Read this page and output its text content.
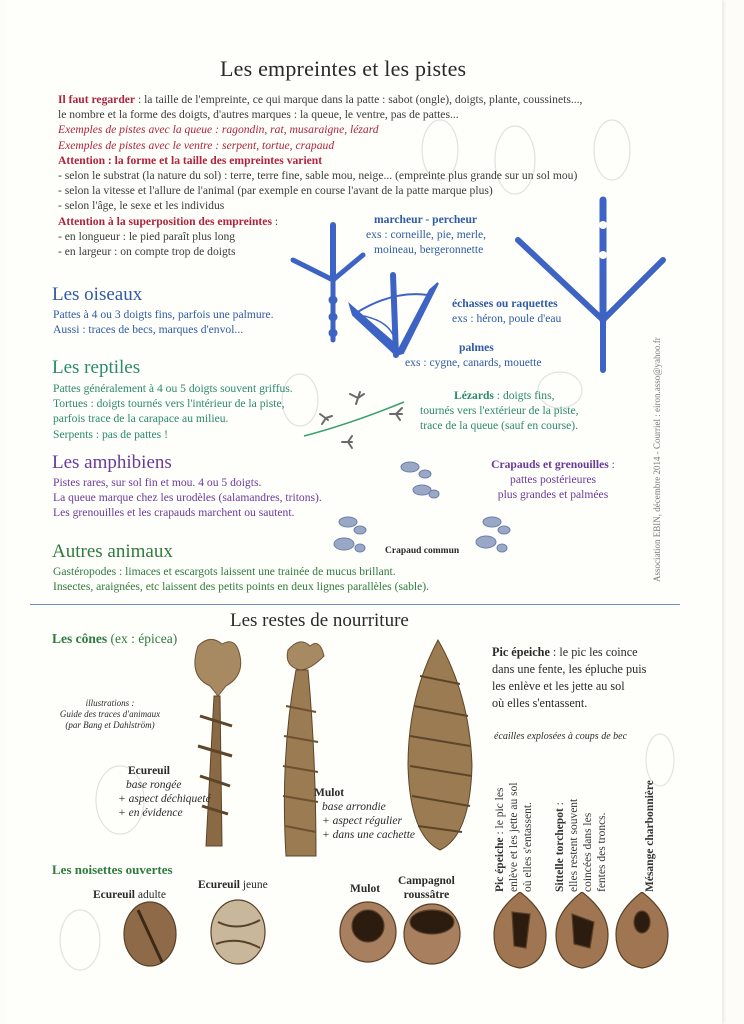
Les empreintes et les pistes
Il faut regarder : la taille de l'empreinte, ce qui marque dans la patte : sabot (ongle), doigts, plante, coussinets...,
le nombre et la forme des doigts, d'autres marques : la queue, le ventre, pas de pattes...
Exemples de pistes avec la queue : ragondin, rat, musaraigne, lézard
Exemples de pistes avec le ventre : serpent, tortue, crapaud
Attention : la forme et la taille des empreintes varient
- selon le substrat (la nature du sol) : terre, terre fine, sable mou, neige... (empreinte plus grande sur un sol mou)
- selon la vitesse et l'allure de l'animal (par exemple en course l'avant de la patte marque plus)
- selon l'âge, le sexe et les individus
Attention à la superposition des empreintes :
- en longueur : le pied paraît plus long
- en largeur : on compte trop de doigts
marcheur - percheur
exs : corneille, pie, merle,
moineau, bergeronnette
échasses ou raquettes
exs : héron, poule d'eau
palmes
exs : cygne, canards, mouette
Les oiseaux
Pattes à 4 ou 3 doigts fins, parfois une palmure.
Aussi : traces de becs, marques d'envol...
Les reptiles
Pattes généralement à 4 ou 5 doigts souvent griffus.
Tortues : doigts tournés vers l'intérieur de la piste,
parfois trace de la carapace au milieu.
Serpents : pas de pattes !
Lézards : doigts fins,
tournés vers l'extérieur de la piste,
trace de la queue (sauf en course).
Les amphibiens
Pistes rares, sur sol fin et mou. 4 ou 5 doigts.
La queue marque chez les urodèles (salamandres, tritons).
Les grenouilles et les crapauds marchent ou sautent.
Crapauds et grenouilles :
pattes postérieures
plus grandes et palmées
Crapaud commun
Autres animaux
Gastéropodes : limaces et escargots laissent une trainée de mucus brillant.
Insectes, araignées, etc laissent des petits points en deux lignes parallèles (sable).
Association EBIN, décembre 2014 - Courriel : eiron.asso@yahoo.fr
Les restes de nourriture
Les cônes (ex : épicea)
illustrations :
Guide des traces d'animaux
(par Bang et Dahlström)
Ecureuil
base rongée
+ aspect déchiqueté
+ en évidence
Mulot
base arrondie
+ aspect régulier
+ dans une cachette
Pic épeiche : le pic les coince
dans une fente, les épluche puis
les enlève et les jette au sol
où elles s'entassent.
écailles explosées à coups de bec
Les noisettes ouvertes
Ecureuil adulte
Ecureuil jeune	Mulot
Campagnol
roussâtre
Pic épeiche : le pic les enlève et les jette au sol où elles s'entassent. Sittelle torchepot : elles restent souvent coincées dans les fentes des troncs.	Mésange charbonnière
